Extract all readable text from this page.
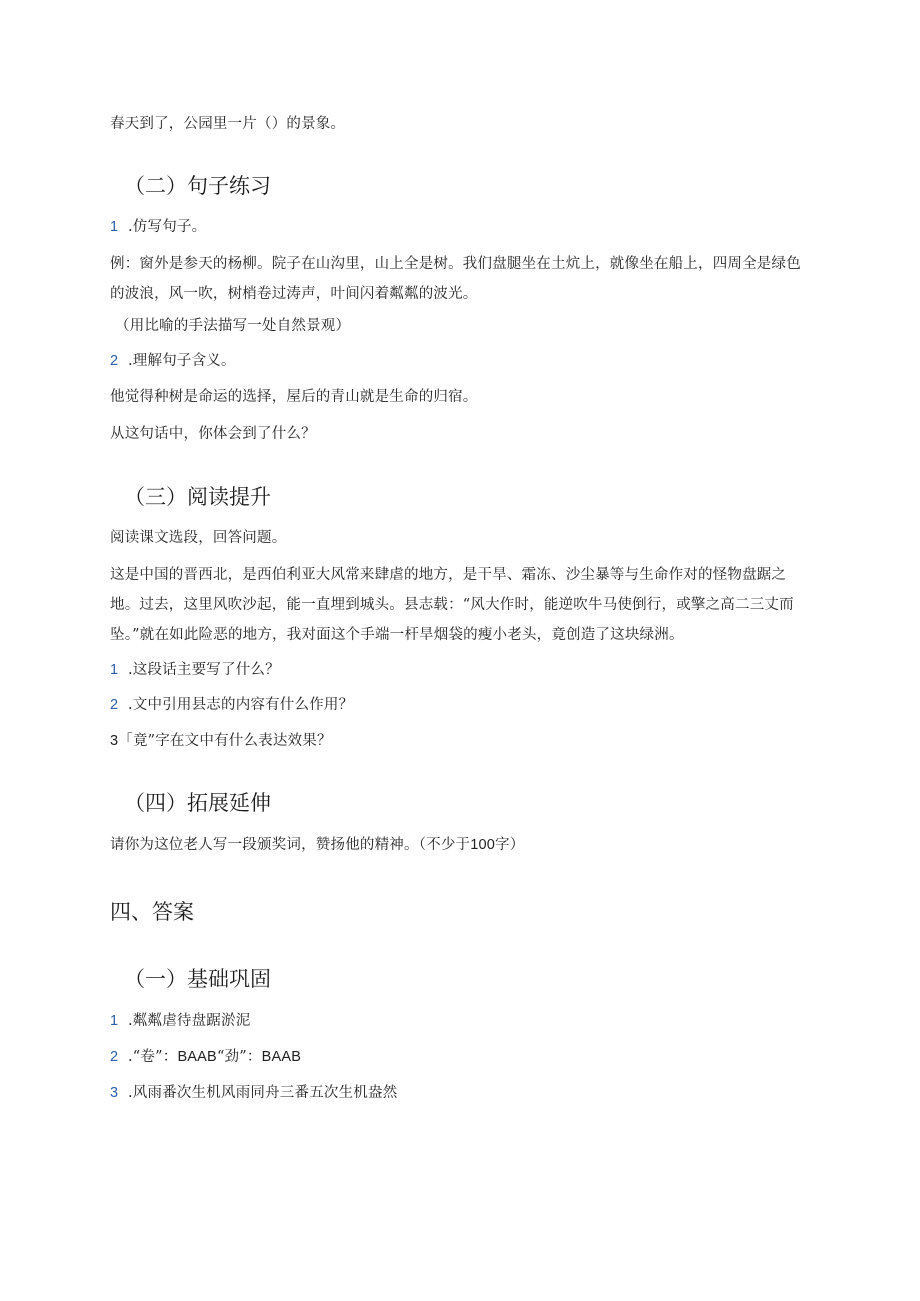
春天到了，公园里一片（）的景象。
（二）句子练习
1 .仿写句子。
例：窗外是参天的杨柳。院子在山沟里，山上全是树。我们盘腿坐在土炕上，就像坐在船上，四周全是绿色的波浪，风一吹，树梢卷过涛声，叶间闪着粼粼的波光。
（用比喻的手法描写一处自然景观）
2 .理解句子含义。
他觉得种树是命运的选择，屋后的青山就是生命的归宿。
从这句话中，你体会到了什么？
（三）阅读提升
阅读课文选段，回答问题。
这是中国的晋西北，是西伯利亚大风常来肆虐的地方，是干旱、霜冻、沙尘暴等与生命作对的怪物盘踞之地。过去，这里风吹沙起，能一直埋到城头。县志载：“风大作时，能逆吹牛马使倒行，或擎之高二三丈而坠。”就在如此险恶的地方，我对面这个手端一杆旱烟袋的瘦小老头，竟创造了这块绿洲。
1 .这段话主要写了什么？
2 .文中引用县志的内容有什么作用？
3「竟”字在文中有什么表达效果？
（四）拓展延伸
请你为这位老人写一段颁奖词，赞扬他的精神。（不少于100字）
四、答案
（一）基础巩固
1 .粼粼虐待盘踞淤泥
2 .“卷”：BAAB“劲”：BAAB
3 .风雨番次生机风雨同舟三番五次生机盎然
